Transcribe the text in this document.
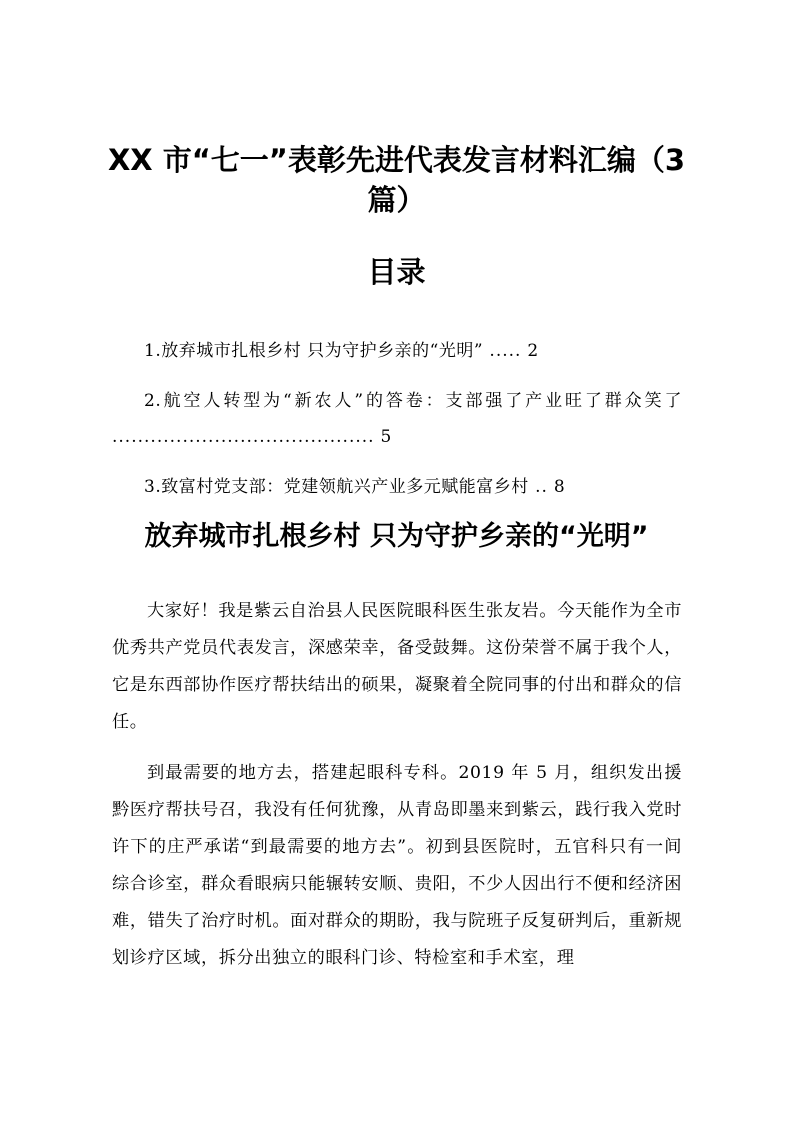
XX 市“七一”表彰先进代表发言材料汇编（3 篇）
目录
1.放弃城市扎根乡村 只为守护乡亲的“光明” ..... 2
2.航空人转型为“新农人”的答卷：支部强了产业旺了群众笑了 ......................................... 5
3.致富村党支部：党建领航兴产业多元赋能富乡村 .. 8
放弃城市扎根乡村 只为守护乡亲的“光明”

大家好！我是紫云自治县人民医院眼科医生张友岩。今天能作为全市优秀共产党员代表发言，深感荣幸，备受鼓舞。这份荣誉不属于我个人，它是东西部协作医疗帮扶结出的硕果，凝聚着全院同事的付出和群众的信任。

到最需要的地方去，搭建起眼科专科。2019 年 5 月，组织发出援黔医疗帮扶号召，我没有任何犹豫，从青岛即墨来到紫云，践行我入党时许下的庄严承诺“到最需要的地方去”。初到县医院时，五官科只有一间综合诊室，群众看眼病只能辗转安顺、贵阳，不少人因出行不便和经济困难，错失了治疗时机。面对群众的期盼，我与院班子反复研判后，重新规划诊疗区域，拆分出独立的眼科门诊、特检室和手术室，理
